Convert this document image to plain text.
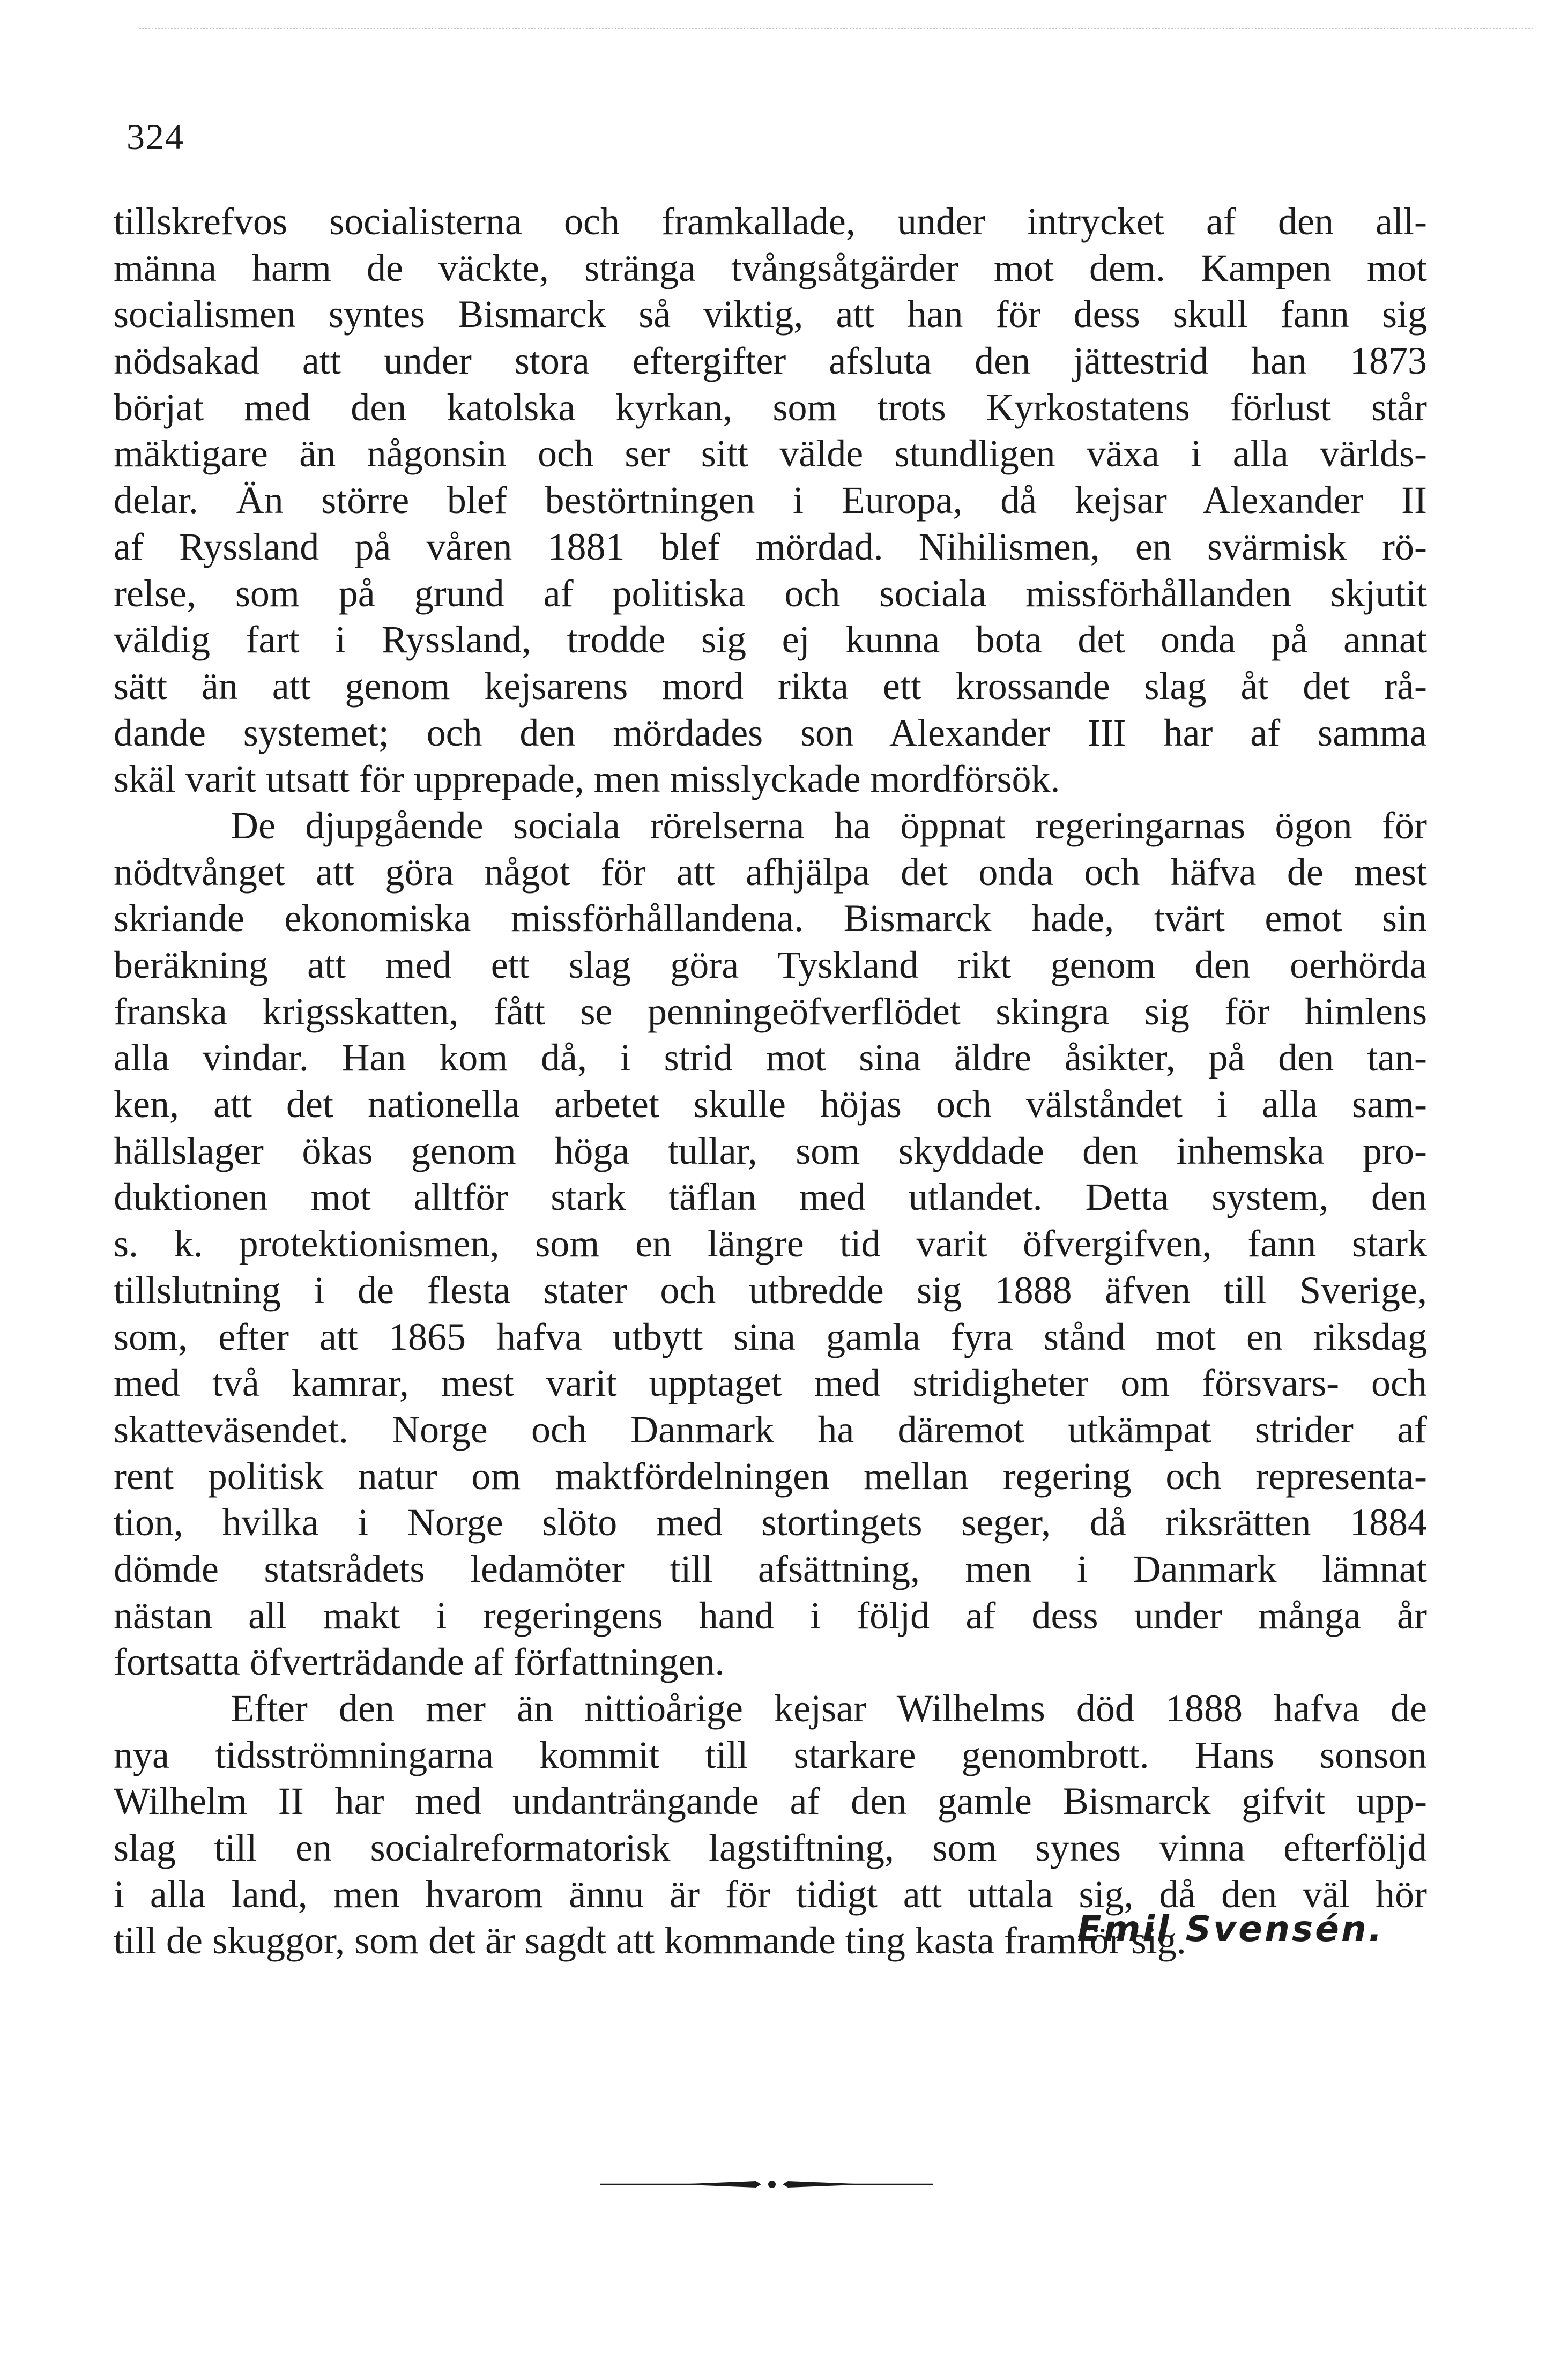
324
tillskrefvos socialisterna och framkallade, under intrycket af den all-
männa harm de väckte, stränga tvångsåtgärder mot dem. Kampen mot
socialismen syntes Bismarck så viktig, att han för dess skull fann sig
nödsakad att under stora eftergifter afsluta den jättestrid han 1873
börjat med den katolska kyrkan, som trots Kyrkostatens förlust står
mäktigare än någonsin och ser sitt välde stundligen växa i alla världs-
delar. Än större blef bestörtningen i Europa, då kejsar Alexander II
af Ryssland på våren 1881 blef mördad. Nihilismen, en svärmisk rö-
relse, som på grund af politiska och sociala missförhållanden skjutit
väldig fart i Ryssland, trodde sig ej kunna bota det onda på annat
sätt än att genom kejsarens mord rikta ett krossande slag åt det rå-
dande systemet; och den mördades son Alexander III har af samma
skäl varit utsatt för upprepade, men misslyckade mordförsök.
De djupgående sociala rörelserna ha öppnat regeringarnas ögon för
nödtvånget att göra något för att afhjälpa det onda och häfva de mest
skriande ekonomiska missförhållandena. Bismarck hade, tvärt emot sin
beräkning att med ett slag göra Tyskland rikt genom den oerhörda
franska krigsskatten, fått se penningeöfverflödet skingra sig för himlens
alla vindar. Han kom då, i strid mot sina äldre åsikter, på den tan-
ken, att det nationella arbetet skulle höjas och välståndet i alla sam-
hällslager ökas genom höga tullar, som skyddade den inhemska pro-
duktionen mot alltför stark täflan med utlandet. Detta system, den
s. k. protektionismen, som en längre tid varit öfvergifven, fann stark
tillslutning i de flesta stater och utbredde sig 1888 äfven till Sverige,
som, efter att 1865 hafva utbytt sina gamla fyra stånd mot en riksdag
med två kamrar, mest varit upptaget med stridigheter om försvars- och
skatteväsendet. Norge och Danmark ha däremot utkämpat strider af
rent politisk natur om maktfördelningen mellan regering och representa-
tion, hvilka i Norge slöto med stortingets seger, då riksrätten 1884
dömde statsrådets ledamöter till afsättning, men i Danmark lämnat
nästan all makt i regeringens hand i följd af dess under många år
fortsatta öfverträdande af författningen.
Efter den mer än nittioårige kejsar Wilhelms död 1888 hafva de
nya tidsströmningarna kommit till starkare genombrott. Hans sonson
Wilhelm II har med undanträngande af den gamle Bismarck gifvit upp-
slag till en socialreformatorisk lagstiftning, som synes vinna efterföljd
i alla land, men hvarom ännu är för tidigt att uttala sig, då den väl hör
till de skuggor, som det är sagdt att kommande ting kasta framför sig.
Emil Svensén.
